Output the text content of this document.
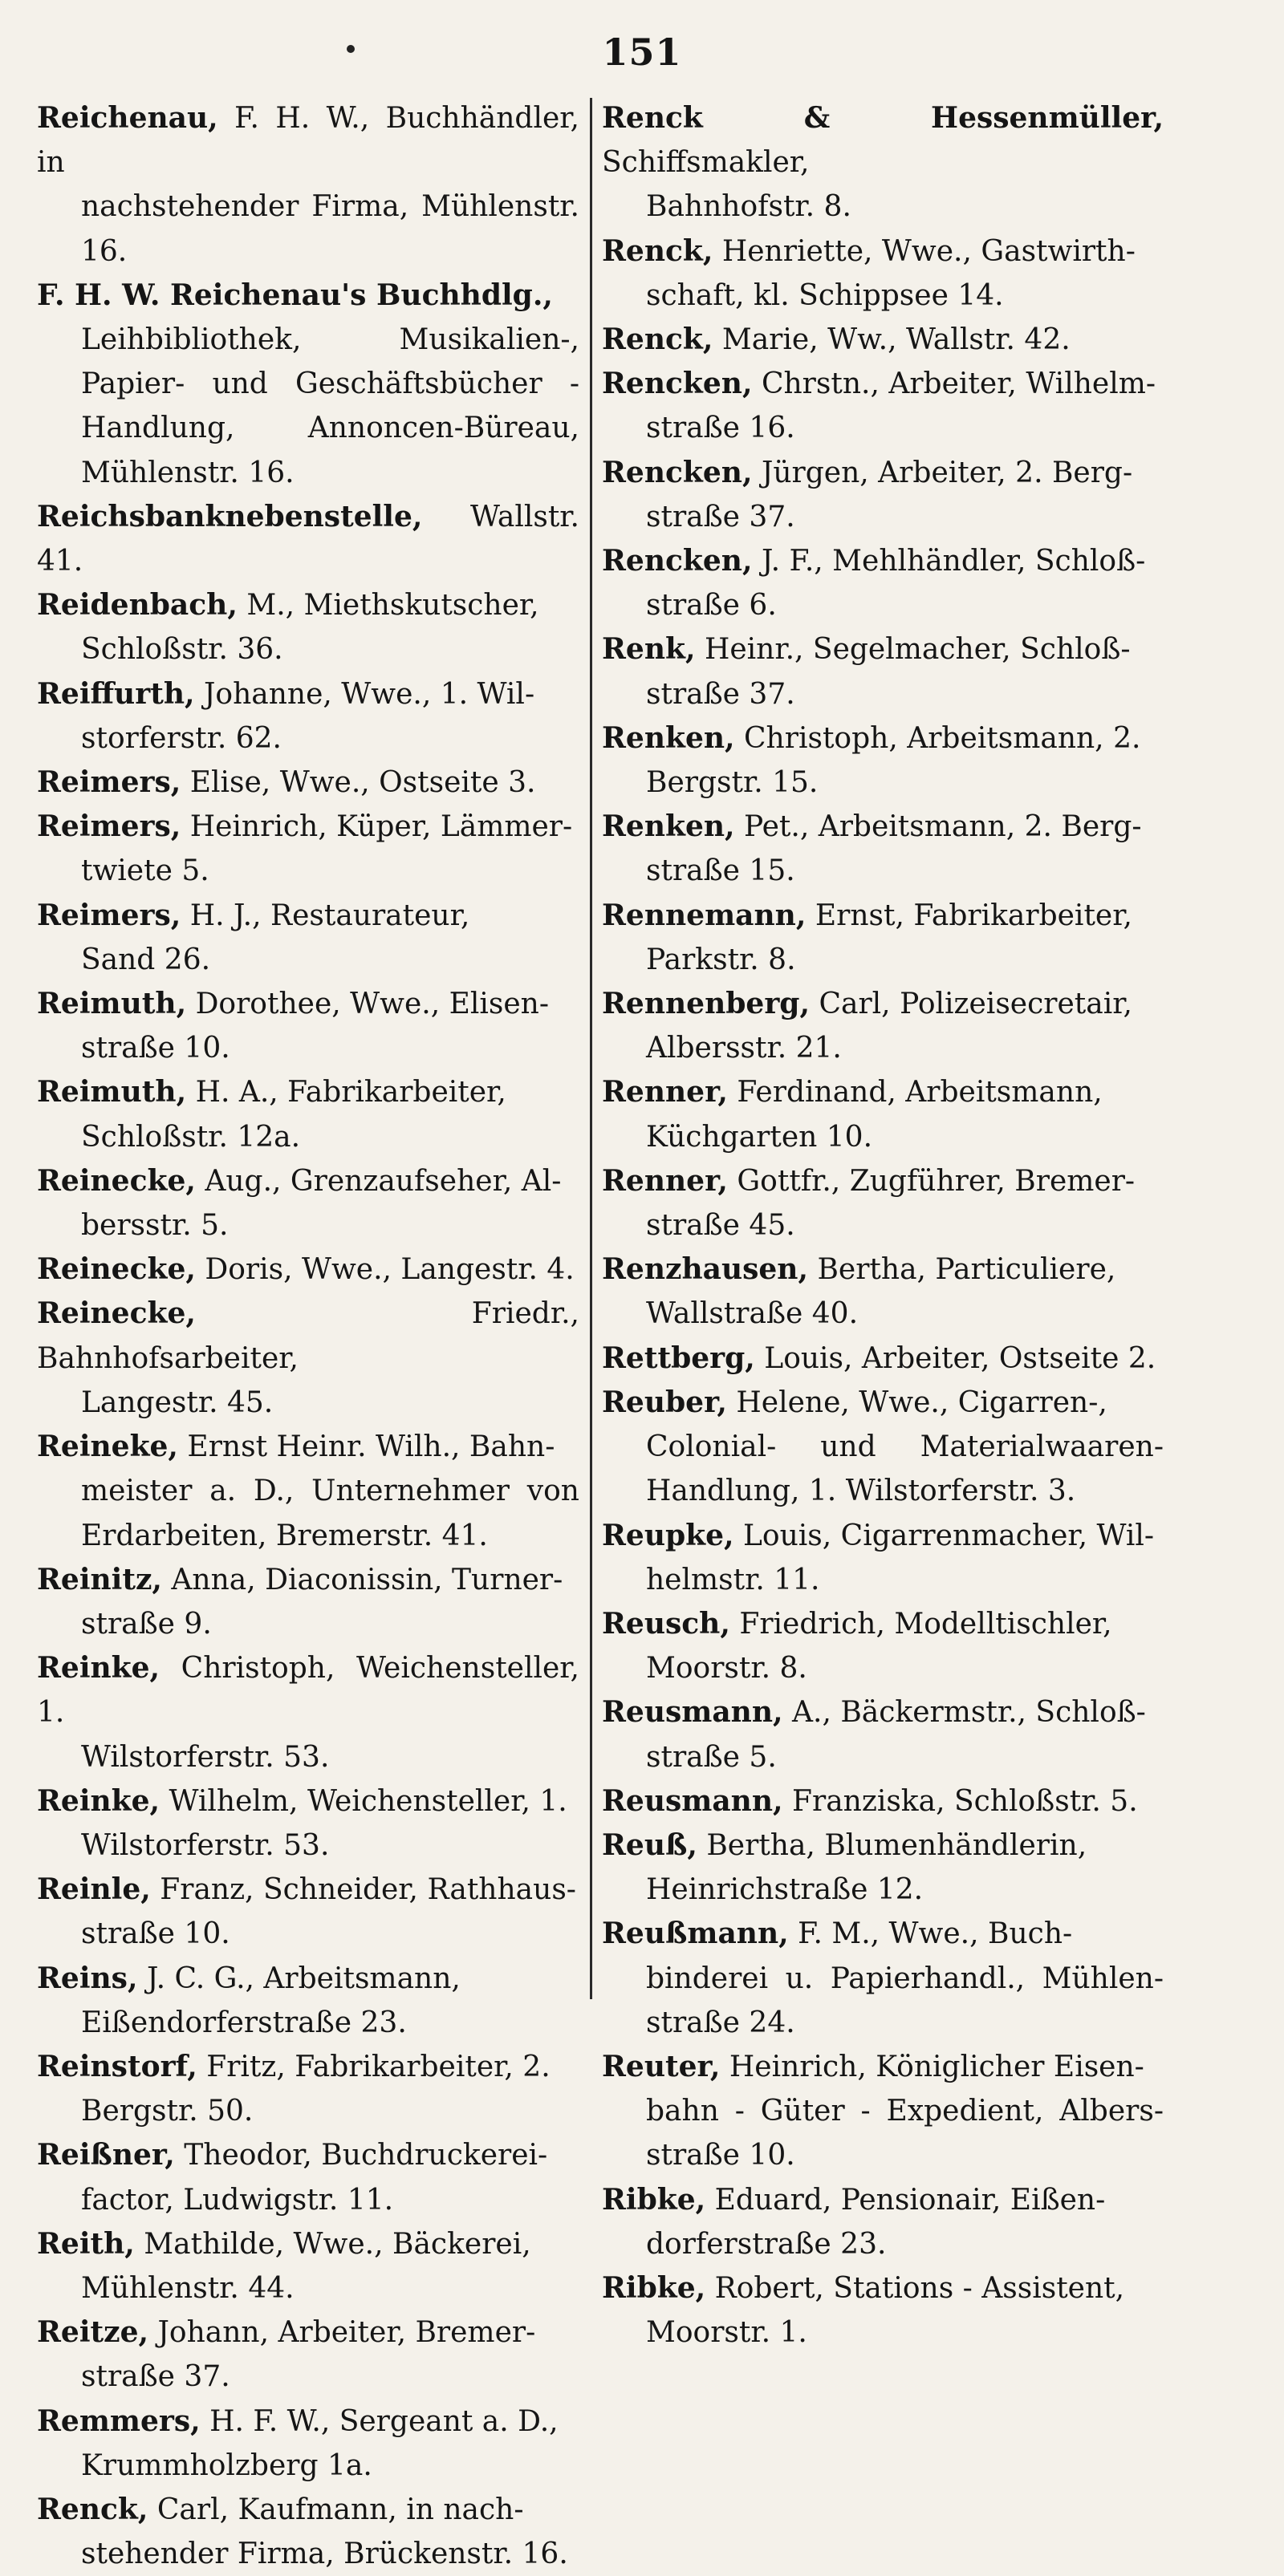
151
Reichenau, F. H. W., Buchhändler, in
nachstehender Firma, Mühlenstr. 16.
F. H. W. Reichenau's Buchhdlg.,
Leihbibliothek, Musikalien-, Papier- und Geschäftsbücher - Handlung, Annoncen-Büreau, Mühlenstr. 16.
Reichsbanknebenstelle, Wallstr. 41.
Reidenbach, M., Miethskutscher,
Schloßstr. 36.
Reiffurth, Johanne, Wwe., 1. Wil-
storferstr. 62.
Reimers, Elise, Wwe., Ostseite 3.
Reimers, Heinrich, Küper, Lämmer-
twiete 5.
Reimers, H. J., Restaurateur,
Sand 26.
Reimuth, Dorothee, Wwe., Elisen-
straße 10.
Reimuth, H. A., Fabrikarbeiter,
Schloßstr. 12a.
Reinecke, Aug., Grenzaufseher, Al-
bersstr. 5.
Reinecke, Doris, Wwe., Langestr. 4.
Reinecke,	Friedr., Bahnhofsarbeiter,
Langestr. 45.
Reineke, Ernst Heinr. Wilh., Bahn-
meister a. D., Unternehmer von Erdarbeiten, Bremerstr. 41.
Reinitz, Anna, Diaconissin, Turner-
straße 9.
Reinke, Christoph, Weichensteller, 1.
Wilstorferstr. 53.
Reinke, Wilhelm, Weichensteller, 1.
Wilstorferstr. 53.
Reinle, Franz, Schneider, Rathhaus-
straße 10.
Reins, J. C. G., Arbeitsmann,
Eißendorferstraße 23.
Reinstorf, Fritz, Fabrikarbeiter, 2.
Bergstr. 50.
Reißner, Theodor, Buchdruckerei-
factor, Ludwigstr. 11.
Reith, Mathilde, Wwe., Bäckerei,
Mühlenstr. 44.
Reitze, Johann, Arbeiter, Bremer-
straße 37.
Remmers, H. F. W., Sergeant a. D.,
Krummholzberg 1a.
Renck, Carl, Kaufmann, in nach-
stehender Firma, Brückenstr. 16.
Renck & Hessenmüller, Schiffsmakler,
Bahnhofstr. 8.
Renck, Henriette, Wwe., Gastwirth-
schaft, kl. Schippsee 14.
Renck, Marie, Ww., Wallstr. 42.
Rencken, Chrstn., Arbeiter, Wilhelm-
straße 16.
Rencken, Jürgen, Arbeiter, 2. Berg-
straße 37.
Rencken, J. F., Mehlhändler, Schloß-
straße 6.
Renk, Heinr., Segelmacher, Schloß-
straße 37.
Renken, Christoph, Arbeitsmann, 2.
Bergstr. 15.
Renken, Pet., Arbeitsmann, 2. Berg-
straße 15.
Rennemann, Ernst, Fabrikarbeiter,
Parkstr. 8.
Rennenberg, Carl, Polizeisecretair,
Albersstr. 21.
Renner, Ferdinand, Arbeitsmann,
Küchgarten 10.
Renner, Gottfr., Zugführer, Bremer-
straße 45.
Renzhausen, Bertha, Particuliere,
Wallstraße 40.
Rettberg, Louis, Arbeiter, Ostseite 2.
Reuber, Helene, Wwe., Cigarren-,
Colonial- und Materialwaaren-Handlung, 1. Wilstorferstr. 3.
Reupke, Louis, Cigarrenmacher, Wil-
helmstr. 11.
Reusch, Friedrich, Modelltischler,
Moorstr. 8.
Reusmann, A., Bäckermstr., Schloß-
straße 5.
Reusmann, Franziska, Schloßstr. 5.
Reuß, Bertha, Blumenhändlerin,
Heinrichstraße 12.
Reußmann, F. M., Wwe., Buch-
binderei u. Papierhandl., Mühlen-straße 24.
Reuter, Heinrich, Königlicher Eisen-
bahn - Güter - Expedient, Albers-straße 10.
Ribke, Eduard, Pensionair, Eißen-
dorferstraße 23.
Ribke, Robert, Stations - Assistent,
Moorstr. 1.
